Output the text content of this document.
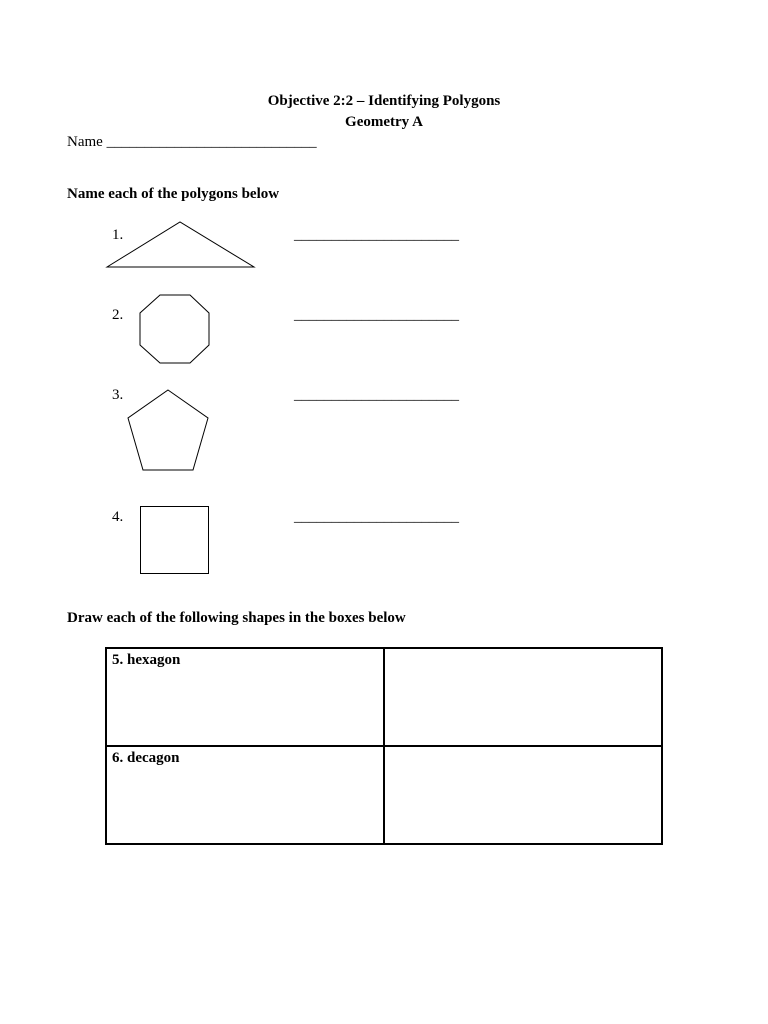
Objective 2:2 – Identifying Polygons
Geometry A
Name ____________________________
Name each of the polygons below
1.	______________________
2.	______________________
3.	______________________
4.	______________________
Draw each of the following shapes in the boxes below
5. hexagon	
6. decagon	
